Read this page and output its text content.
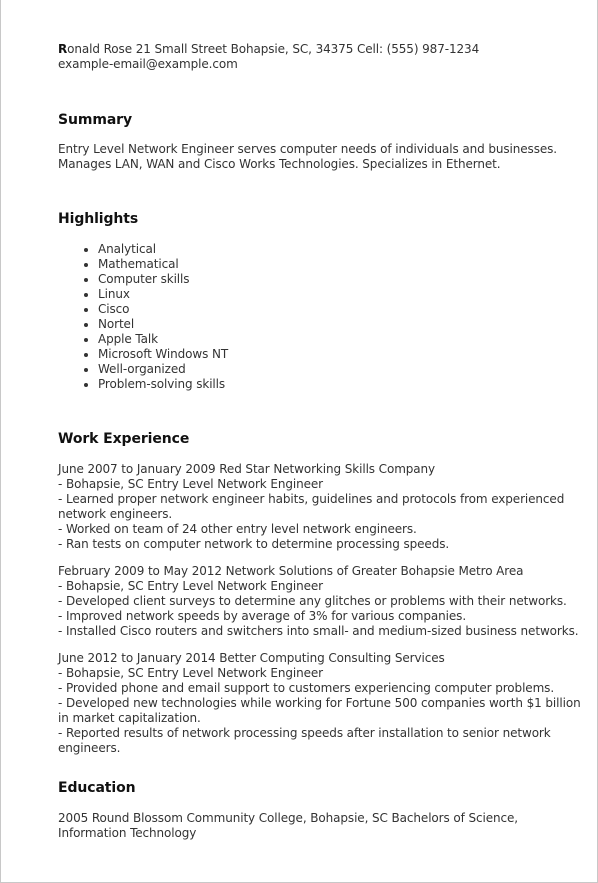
Ronald Rose 21 Small Street Bohapsie, SC, 34375 Cell: (555) 987-1234 example-email@example.com
Summary

Entry Level Network Engineer serves computer needs of individuals and businesses. Manages LAN, WAN and Cisco Works Technologies. Specializes in Ethernet.

Highlights
• Analytical
• Mathematical
• Computer skills
• Linux
• Cisco
• Nortel
• Apple Talk
• Microsoft Windows NT
• Well-organized
• Problem-solving skills
Work Experience
June 2007 to January 2009 Red Star Networking Skills Company
- Bohapsie, SC Entry Level Network Engineer
- Learned proper network engineer habits, guidelines and protocols from experienced network engineers.
- Worked on team of 24 other entry level network engineers.
- Ran tests on computer network to determine processing speeds.
February 2009 to May 2012 Network Solutions of Greater Bohapsie Metro Area
- Bohapsie, SC Entry Level Network Engineer
- Developed client surveys to determine any glitches or problems with their networks.
- Improved network speeds by average of 3% for various companies.
- Installed Cisco routers and switchers into small- and medium-sized business networks.
June 2012 to January 2014 Better Computing Consulting Services
- Bohapsie, SC Entry Level Network Engineer
- Provided phone and email support to customers experiencing computer problems.
- Developed new technologies while working for Fortune 500 companies worth $1 billion in market capitalization.
- Reported results of network processing speeds after installation to senior network engineers.
Education

2005 Round Blossom Community College, Bohapsie, SC Bachelors of Science, Information Technology
